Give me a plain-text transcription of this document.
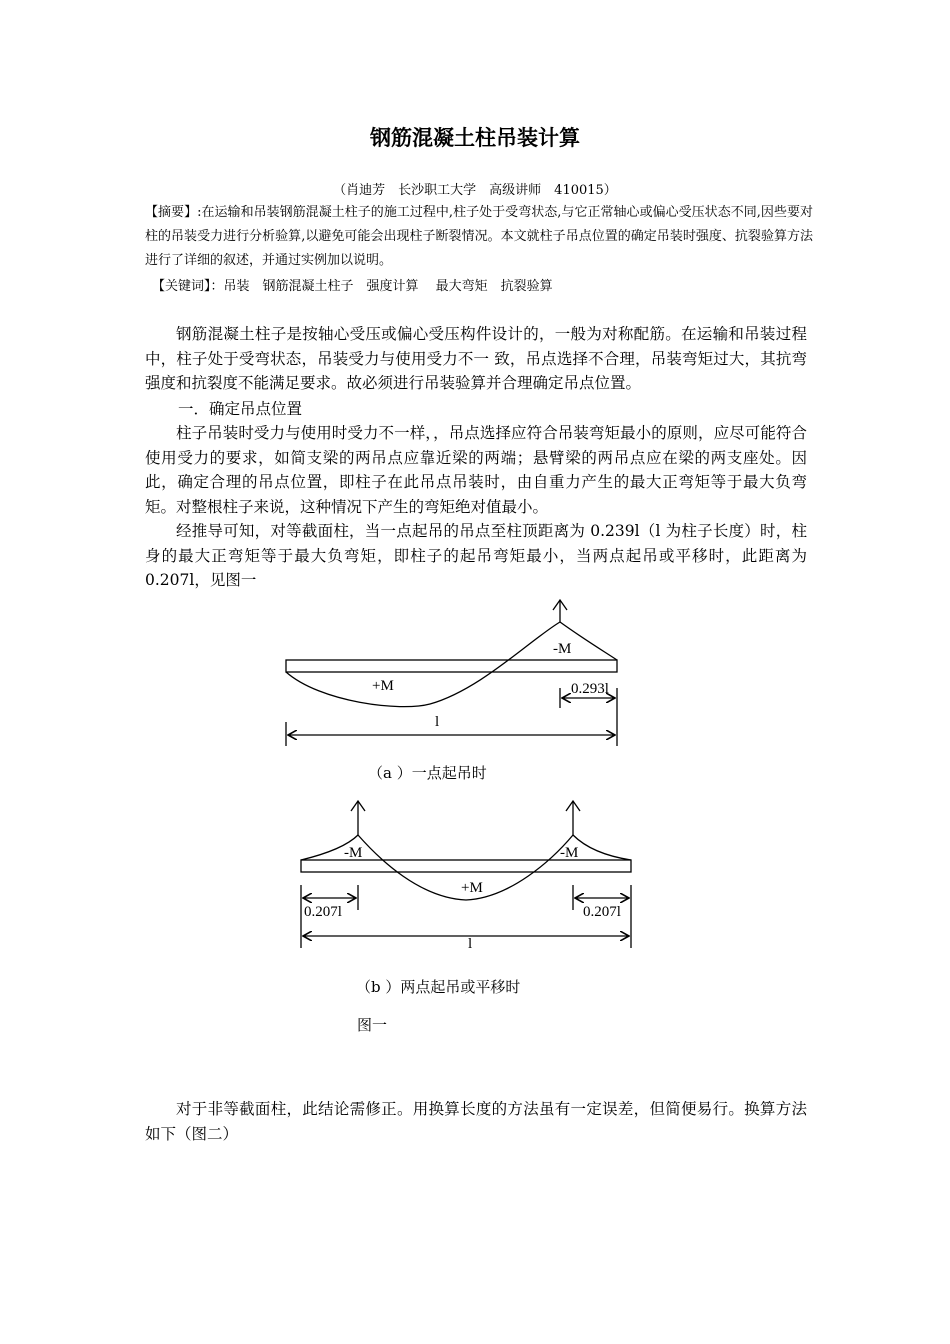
钢筋混凝土柱吊装计算
（肖迪芳　长沙职工大学　高级讲师　410015）
【摘要】:在运输和吊装钢筋混凝土柱子的施工过程中,柱子处于受弯状态,与它正常轴心或偏心受压状态不同,因些要对柱的吊装受力进行分析验算,以避免可能会出现柱子断裂情况。本文就柱子吊点位置的确定吊装时强度、抗裂验算方法进行了详细的叙述，并通过实例加以说明。
【关键词】：吊装　钢筋混凝土柱子　强度计算　 最大弯矩　抗裂验算
钢筋混凝土柱子是按轴心受压或偏心受压构件设计的，一般为对称配筋。在运输和吊装过程中，柱子处于受弯状态，吊装受力与使用受力不一 致，吊点选择不合理，吊装弯矩过大，其抗弯强度和抗裂度不能满足要求。故必须进行吊装验算并合理确定吊点位置。
一．确定吊点位置
柱子吊装时受力与使用时受力不一样，，吊点选择应符合吊装弯矩最小的原则，应尽可能符合使用受力的要求，如简支梁的两吊点应靠近梁的两端；悬臂梁的两吊点应在梁的两支座处。因此，确定合理的吊点位置，即柱子在此吊点吊装时，由自重力产生的最大正弯矩等于最大负弯矩。对整根柱子来说，这种情况下产生的弯矩绝对值最小。
经推导可知，对等截面柱，当一点起吊的吊点至柱顶距离为 0.239l（l 为柱子长度）时，柱身的最大正弯矩等于最大负弯矩，即柱子的起吊弯矩最小，当两点起吊或平移时，此距离为 0.207l，见图一
-M
+M	0.293l
l
-M	-M
+M
0.207l	0.207l
l
（a ）一点起吊时
（b ）两点起吊或平移时
图一
对于非等截面柱，此结论需修正。用换算长度的方法虽有一定误差，但简便易行。换算方法如下（图二）
